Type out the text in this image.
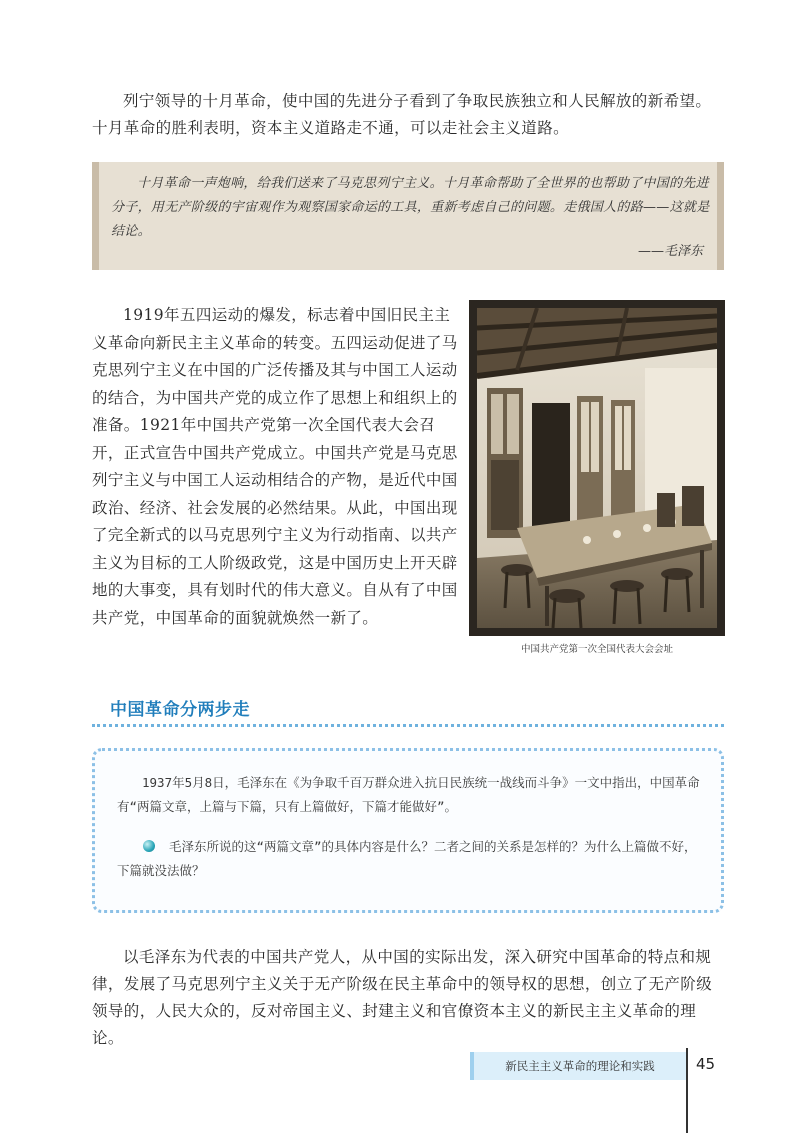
列宁领导的十月革命，使中国的先进分子看到了争取民族独立和人民解放的新希望。十月革命的胜利表明，资本主义道路走不通，可以走社会主义道路。

十月革命一声炮响，给我们送来了马克思列宁主义。十月革命帮助了全世界的也帮助了中国的先进分子，用无产阶级的宇宙观作为观察国家命运的工具，重新考虑自己的问题。走俄国人的路——这就是结论。

——毛泽东

1919年五四运动的爆发，标志着中国旧民主主义革命向新民主主义革命的转变。五四运动促进了马克思列宁主义在中国的广泛传播及其与中国工人运动的结合，为中国共产党的成立作了思想上和组织上的准备。1921年中国共产党第一次全国代表大会召开，正式宣告中国共产党成立。中国共产党是马克思列宁主义与中国工人运动相结合的产物，是近代中国政治、经济、社会发展的必然结果。从此，中国出现了完全新式的以马克思列宁主义为行动指南、以共产主义为目标的工人阶级政党，这是中国历史上开天辟地的大事变，具有划时代的伟大意义。自从有了中国共产党，中国革命的面貌就焕然一新了。

中国共产党第一次全国代表大会会址
中国革命分两步走

1937年5月8日，毛泽东在《为争取千百万群众进入抗日民族统一战线而斗争》一文中指出，中国革命有“两篇文章，上篇与下篇，只有上篇做好，下篇才能做好”。

毛泽东所说的这“两篇文章”的具体内容是什么？二者之间的关系是怎样的？为什么上篇做不好，下篇就没法做？

以毛泽东为代表的中国共产党人，从中国的实际出发，深入研究中国革命的特点和规律，发展了马克思列宁主义关于无产阶级在民主革命中的领导权的思想，创立了无产阶级领导的，人民大众的，反对帝国主义、封建主义和官僚资本主义的新民主主义革命的理论。

新民主主义革命的理论和实践	45
